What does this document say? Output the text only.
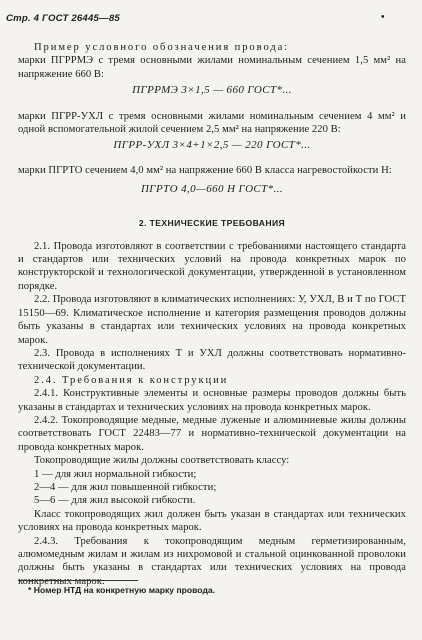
Стр. 4 ГОСТ 26445—85	•

Пример условного обозначения провода:

марки ПГРРМЭ с тремя основными жилами номинальным сечением 1,5 мм² на напряжение 660 В:

ПГРРМЭ 3×1,5 — 660 ГОСТ*...

марки ПГРР-УХЛ с тремя основными жилами номинальным сечением 4 мм² и одной вспомогательной жилой сечением 2,5 мм² на напряжение 220 В:

ПГРР-УХЛ 3×4+1×2,5 — 220 ГОСТ*...

марки ПГРТО сечением 4,0 мм² на напряжение 660 В класса нагревостойкости Н:

ПГРТО 4,0—660 Н ГОСТ*...

2. ТЕХНИЧЕСКИЕ ТРЕБОВАНИЯ

2.1. Провода изготовляют в соответствии с требованиями настоящего стандарта и стандартов или технических условий на провода конкретных марок по конструкторской и технологической документации, утвержденной в установленном порядке.

2.2. Провода изготовляют в климатических исполнениях: У, УХЛ, В и Т по ГОСТ 15150—69. Климатическое исполнение и категория размещения проводов должны быть указаны в стандартах или технических условиях на провода конкретных марок.

2.3. Провода в исполнениях Т и УХЛ должны соответствовать нормативно-технической документации.

2.4. Требования к конструкции

2.4.1. Конструктивные элементы и основные размеры проводов должны быть указаны в стандартах и технических условиях на провода конкретных марок.

2.4.2. Токопроводящие медные, медные луженые и алюминиевые жилы должны соответствовать ГОСТ 22483—77 и нормативно-технической документации на провода конкретных марок.

Токопроводящие жилы должны соответствовать классу:

1 — для жил нормальной гибкости;

2—4 — для жил повышенной гибкости;

5—6 — для жил высокой гибкости.

Класс токопроводящих жил должен быть указан в стандартах или технических условиях на провода конкретных марок.

2.4.3. Требования к токопроводящим медным герметизированным, алюмомедным жилам и жилам из нихромовой и стальной оцинкованной проволоки должны быть указаны в стандартах или технических условиях на провода конкретных марок.

* Номер НТД на конкретную марку провода.
